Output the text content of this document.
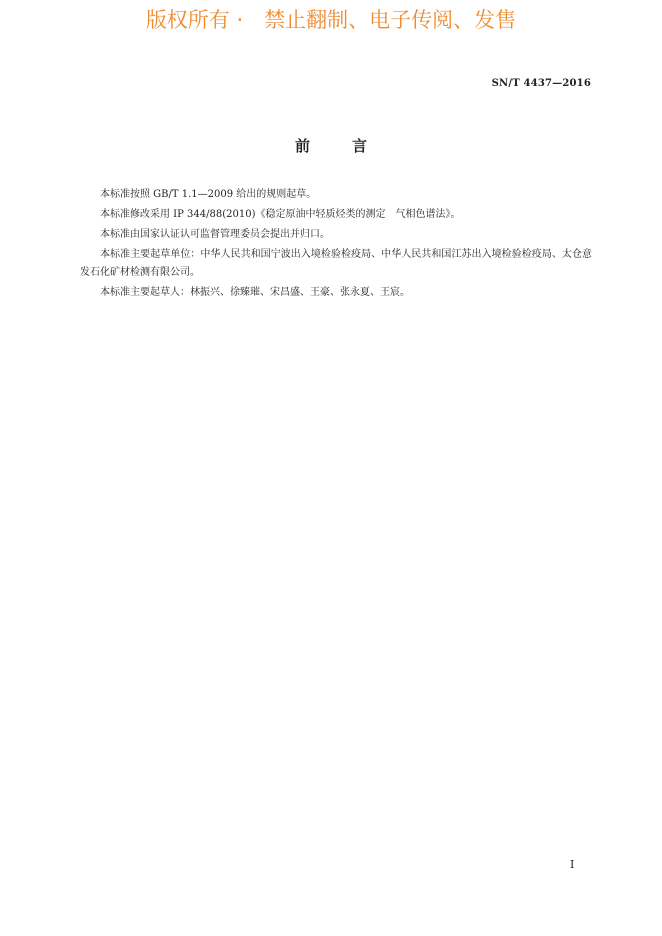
版权所有 ·　禁止翻制、电子传阅、发售
SN/T 4437—2016
前	言

本标准按照 GB/T 1.1—2009 给出的规则起草。

本标准修改采用 IP 344/88(2010)《稳定原油中轻质烃类的测定　气相色谱法》。

本标准由国家认证认可监督管理委员会提出并归口。

本标准主要起草单位：中华人民共和国宁波出入境检验检疫局、中华人民共和国江苏出入境检验检疫局、太仓意发石化矿材检测有限公司。

本标准主要起草人：林振兴、徐臻璀、宋昌盛、王豪、张永夏、王宸。

I
